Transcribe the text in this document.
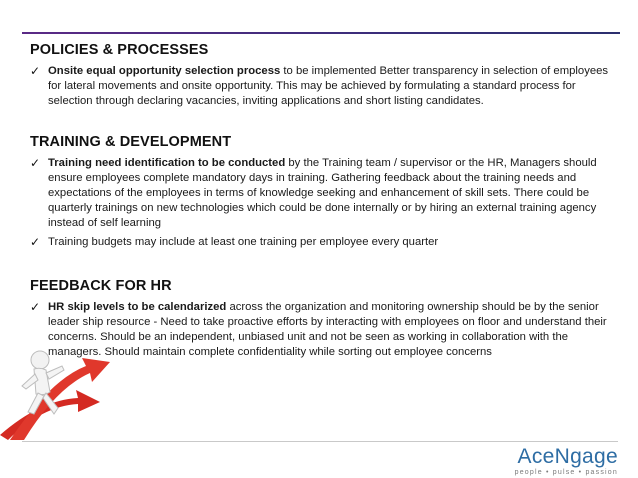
POLICIES & PROCESSES
✓ Onsite equal opportunity selection process to be implemented Better transparency in selection of employees for lateral movements and onsite opportunity. This may be achieved by formulating a standard process for selection through declaring vacancies, inviting applications and short listing candidates.
TRAINING & DEVELOPMENT
✓ Training need identification to be conducted by the Training team / supervisor or the HR, Managers should ensure employees complete mandatory days in training. Gathering feedback about the training needs and expectations of the employees in terms of knowledge seeking and enhancement of skill sets. There could be quarterly trainings on new technologies which could be done internally or by hiring an external training agency instead of self learning
✓ Training budgets may include at least one training per employee every quarter
FEEDBACK FOR HR
✓ HR skip levels to be calendarized across the organization and monitoring ownership should be by the senior leader ship resource - Need to take proactive efforts by interacting with employees on floor and understand their concerns. Should be an independent, unbiased unit and not be seen as working in collaboration with the managers. Should maintain complete confidentiality while sorting out employee concerns
AceNgage
people • pulse • passion
